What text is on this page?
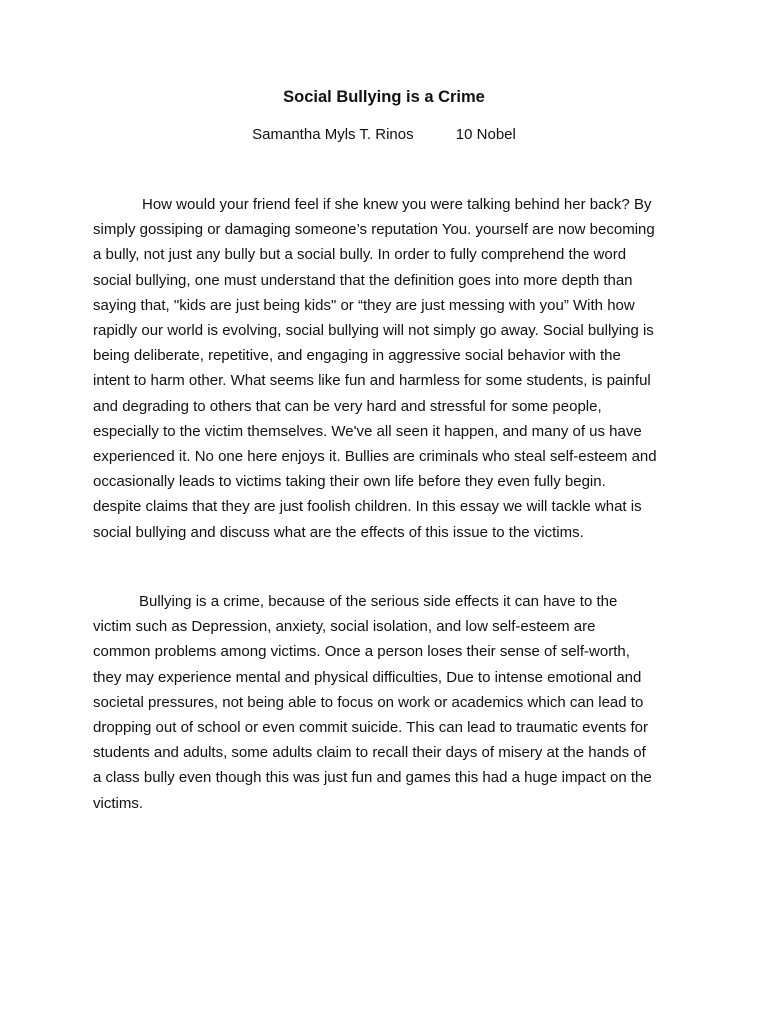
Social Bullying is a Crime
Samantha Myls T. Rinos	10 Nobel

How would your friend feel if she knew you were talking behind her back? By
simply gossiping or damaging someone’s reputation You. yourself are now becoming
a bully, not just any bully but a social bully. In order to fully comprehend the word
social bullying, one must understand that the definition goes into more depth than
saying that, "kids are just being kids" or “they are just messing with you” With how
rapidly our world is evolving, social bullying will not simply go away. Social bullying is
being deliberate, repetitive, and engaging in aggressive social behavior with the
intent to harm other. What seems like fun and harmless for some students, is painful
and degrading to others that can be very hard and stressful for some people,
especially to the victim themselves. We've all seen it happen, and many of us have
experienced it. No one here enjoys it. Bullies are criminals who steal self-esteem and
occasionally leads to victims taking their own life before they even fully begin.
despite claims that they are just foolish children. In this essay we will tackle what is
social bullying and discuss what are the effects of this issue to the victims.

Bullying is a crime, because of the serious side effects it can have to the
victim such as Depression, anxiety, social isolation, and low self-esteem are
common problems among victims. Once a person loses their sense of self-worth,
they may experience mental and physical difficulties, Due to intense emotional and
societal pressures, not being able to focus on work or academics which can lead to
dropping out of school or even commit suicide. This can lead to traumatic events for
students and adults, some adults claim to recall their days of misery at the hands of
a class bully even though this was just fun and games this had a huge impact on the
victims.
